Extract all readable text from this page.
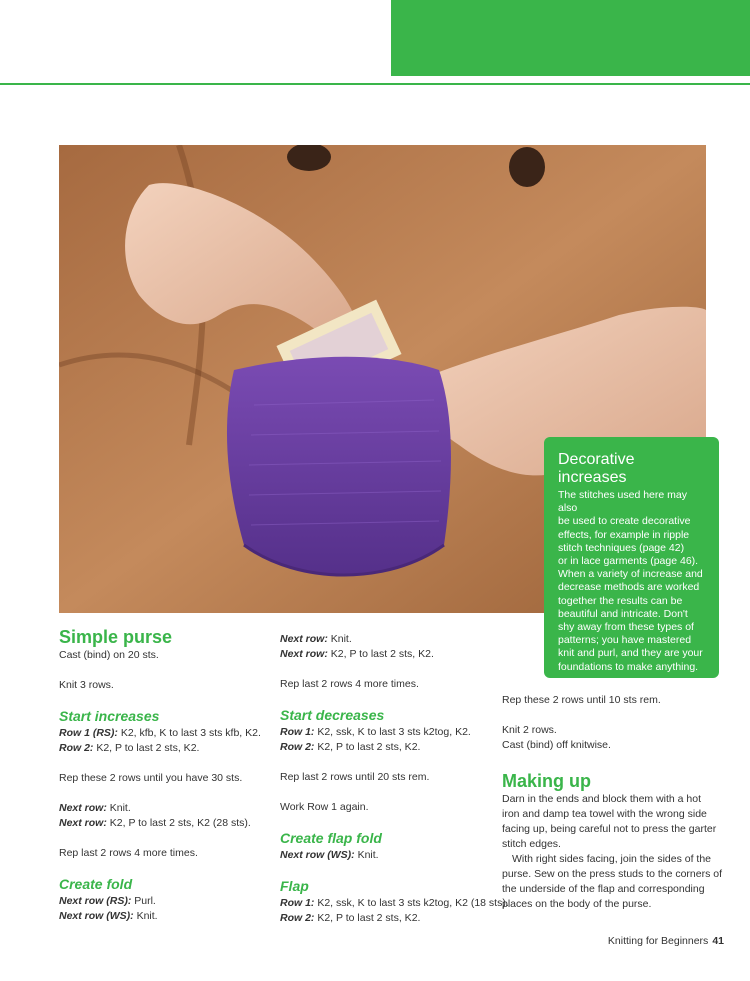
Decorative
increases

The stitches used here may also
be used to create decorative
effects, for example in ripple
stitch techniques (page 42)
or in lace garments (page 46).
When a variety of increase and
decrease methods are worked
together the results can be
beautiful and intricate. Don't
shy away from these types of
patterns; you have mastered
knit and purl, and they are your
foundations to make anything.

Simple purse
Cast (bind) on 20 sts.
Knit 3 rows.
Start increases
Row 1 (RS): K2, kfb, K to last 3 sts kfb, K2.
Row 2: K2, P to last 2 sts, K2.
Rep these 2 rows until you have 30 sts.
Next row: Knit.
Next row: K2, P to last 2 sts, K2 (28 sts).
Rep last 2 rows 4 more times.
Create fold
Next row (RS): Purl.
Next row (WS): Knit.
Next row: Knit.
Next row: K2, P to last 2 sts, K2.
Rep last 2 rows 4 more times.
Start decreases
Row 1: K2, ssk, K to last 3 sts k2tog, K2.
Row 2: K2, P to last 2 sts, K2.
Rep last 2 rows until 20 sts rem.
Work Row 1 again.
Create flap fold
Next row (WS): Knit.
Flap
Row 1: K2, ssk, K to last 3 sts k2tog, K2 (18 sts).
Row 2: K2, P to last 2 sts, K2.
Rep these 2 rows until 10 sts rem.
Knit 2 rows.
Cast (bind) off knitwise.
Making up
Darn in the ends and block them with a hot
iron and damp tea towel with the wrong side
facing up, being careful not to press the garter
stitch edges.
With right sides facing, join the sides of the
purse. Sew on the press studs to the corners of
the underside of the flap and corresponding
places on the body of the purse.
Knitting for Beginners 41
